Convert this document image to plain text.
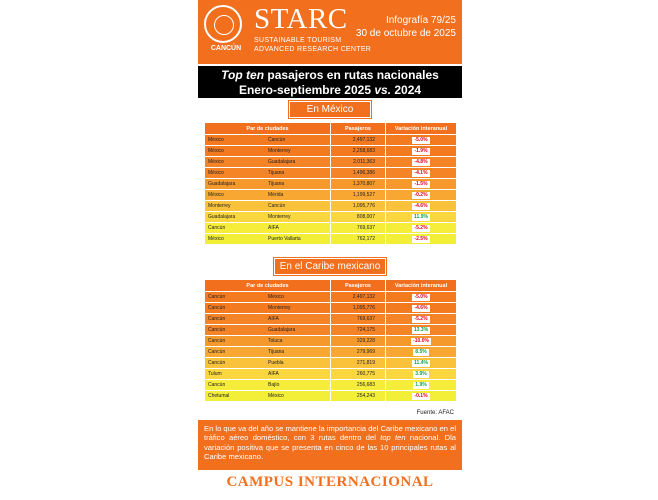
CANCÚN
STARC
SUSTAINABLE TOURISM
ADVANCED RESEARCH CENTER
Infografía 79/25
30 de octubre de 2025
Top ten pasajeros en rutas nacionales
Enero-septiembre 2025 vs. 2024
En México
Par de ciudades	Pasajeros	Variación interanual
México Cancún	2,497,132	-5.0%
México Monterrey	2,258,683	-1.9%
México Guadalajara	2,011,363	-4.8%
México Tijuana	1,496,386	-4.1%
Guadalajara Tijuana	1,370,807	-1.5%
México Mérida	1,199,527	-0.2%
Monterrey Cancún	1,095,776	-4.6%
Guadalajara Monterrey	808,007	11.9%
Cancún AIFA	769,637	-5.2%
México Puerto Vallarta	762,172	-2.5%
En el Caribe mexicano
Par de ciudades	Pasajeros	Variación interanual
Cancún México	2,497,132	-5.0%
Cancún Monterrey	1,095,776	-4.6%
Cancún AIFA	769,637	-5.2%
Cancún Guadalajara	724,175	13.3%
Cancún Toluca	329,228	-10.0%
Cancún Tijuana	279,969	8.5%
Cancún Puebla	271,819	11.4%
Tulum AIFA	260,775	3.9%
Cancún Bajío	256,683	1.9%
Chetumal México	254,243	-0.1%
Fuente: AFAC
En lo que va del año se mantiene la importancia del Caribe mexicano en el tráfico aéreo doméstico, con 3 rutas dentro del top ten nacional. Dla variación positiva que se presenta en cinco de las 10 principales rutas al Caribe mexicano.
CAMPUS INTERNACIONAL
